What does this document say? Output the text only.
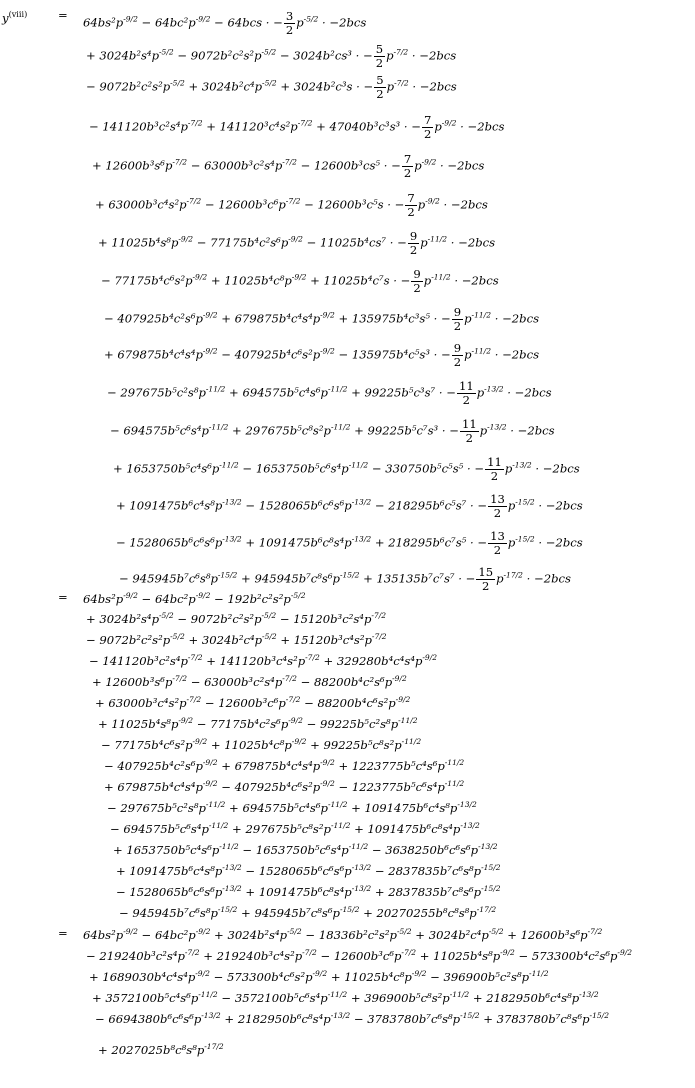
$y^{(viii)}$	=
$64bs^2p^{-9/2} - 64bc^2p^{-9/2} - 64bcs$ · − $\frac{3}{2} p^{-5/2} \cdot -2bcs$
+ $3024b^2s^4p^{-5/2} - 9072b^2c^2s^2p^{-5/2} - 3024b^2cs^3$ · − $\frac{5}{2} p^{-7/2} \cdot -2bcs$
− $9072b^2c^2s^2p^{-5/2} + 3024b^2c^4p^{-5/2} + 3024b^2c^3s$ · − $\frac{5}{2} p^{-7/2} \cdot -2bcs$
− $141120b^3c^2s^4p^{-7/2} + 141120^3c^4s^2p^{-7/2} + 47040b^3c^3s^3$ · − $\frac{7}{2} p^{-9/2} \cdot -2bcs$
+ $12600b^3s^6p^{-7/2} - 63000b^3c^2s^4p^{-7/2} - 12600b^3cs^5$ · − $\frac{7}{2} p^{-9/2} \cdot -2bcs$
+ $63000b^3c^4s^2p^{-7/2} - 12600b^3c^6p^{-7/2} - 12600b^3c^5s$ · − $\frac{7}{2} p^{-9/2} \cdot -2bcs$
+ $11025b^4s^8p^{-9/2} - 77175b^4c^2s^6p^{-9/2} - 11025b^4cs^7$ · − $\frac{9}{2} p^{-11/2} \cdot -2bcs$
− $77175b^4c^6s^2p^{-9/2} + 11025b^4c^8p^{-9/2} + 11025b^4c^7s$ · − $\frac{9}{2} p^{-11/2} \cdot -2bcs$
− $407925b^4c^2s^6p^{-9/2} + 679875b^4c^4s^4p^{-9/2} + 135975b^4c^3s^5$ · − $\frac{9}{2} p^{-11/2} \cdot -2bcs$
+ $679875b^4c^4s^4p^{-9/2} - 407925b^4c^6s^2p^{-9/2} - 135975b^4c^5s^3$ · − $\frac{9}{2} p^{-11/2} \cdot -2bcs$
− $297675b^5c^2s^8p^{-11/2} + 694575b^5c^4s^6p^{-11/2} + 99225b^5c^3s^7$ · − $\frac{11}{2} p^{-13/2} \cdot -2bcs$
− $694575b^5c^6s^4p^{-11/2} + 297675b^5c^8s^2p^{-11/2} + 99225b^5c^7s^3$ · − $\frac{11}{2} p^{-13/2} \cdot -2bcs$
+ $1653750b^5c^4s^6p^{-11/2} - 1653750b^5c^6s^4p^{-11/2} - 330750b^5c^5s^5$ · − $\frac{11}{2} p^{-13/2} \cdot -2bcs$
+ $1091475b^6c^4s^8p^{-13/2} - 1528065b^6c^6s^6p^{-13/2} - 218295b^6c^5s^7$ · − $\frac{13}{2} p^{-15/2} \cdot -2bcs$
− $1528065b^6c^6s^6p^{-13/2} + 1091475b^6c^8s^4p^{-13/2} + 218295b^6c^7s^5$ · − $\frac{13}{2} p^{-15/2} \cdot -2bcs$
− $945945b^7c^6s^8p^{-15/2} + 945945b^7c^8s^6p^{-15/2} + 135135b^7c^7s^7$ · − $\frac{15}{2} p^{-17/2} \cdot -2bcs$
= $64bs^2p^{-9/2} - 64bc^2p^{-9/2} - 192b^2c^2s^2p^{-5/2}$
+ $3024b^2s^4p^{-5/2} - 9072b^2c^2s^2p^{-5/2} - 15120b^3c^2s^4p^{-7/2}$
− $9072b^2c^2s^2p^{-5/2} + 3024b^2c^4p^{-5/2} + 15120b^3c^4s^2p^{-7/2}$
− $141120b^3c^2s^4p^{-7/2} + 141120b^3c^4s^2p^{-7/2} + 329280b^4c^4s^4p^{-9/2}$
+ $12600b^3s^6p^{-7/2} - 63000b^3c^2s^4p^{-7/2} - 88200b^4c^2s^6p^{-9/2}$
+ $63000b^3c^4s^2p^{-7/2} - 12600b^3c^6p^{-7/2} - 88200b^4c^6s^2p^{-9/2}$
+ $11025b^4s^8p^{-9/2} - 77175b^4c^2s^6p^{-9/2} - 99225b^5c^2s^8p^{-11/2}$
− $77175b^4c^6s^2p^{-9/2} + 11025b^4c^8p^{-9/2} + 99225b^5c^8s^2p^{-11/2}$
− $407925b^4c^2s^6p^{-9/2} + 679875b^4c^4s^4p^{-9/2} + 1223775b^5c^4s^6p^{-11/2}$
+ $679875b^4c^4s^4p^{-9/2} - 407925b^4c^6s^2p^{-9/2} - 1223775b^5c^6s^4p^{-11/2}$
− $297675b^5c^2s^8p^{-11/2} + 694575b^5c^4s^6p^{-11/2} + 1091475b^6c^4s^8p^{-13/2}$
− $694575b^5c^6s^4p^{-11/2} + 297675b^5c^8s^2p^{-11/2} + 1091475b^6c^8s^4p^{-13/2}$
+ $1653750b^5c^4s^6p^{-11/2} - 1653750b^5c^6s^4p^{-11/2} - 3638250b^6c^6s^6p^{-13/2}$
+ $1091475b^6c^4s^8p^{-13/2} - 1528065b^6c^6s^6p^{-13/2} - 2837835b^7c^6s^8p^{-15/2}$
− $1528065b^6c^6s^6p^{-13/2} + 1091475b^6c^8s^4p^{-13/2} + 2837835b^7c^8s^6p^{-15/2}$
− $945945b^7c^6s^8p^{-15/2} + 945945b^7c^8s^6p^{-15/2} + 20270255b^8c^8s^8p^{-17/2}$
= $64bs^2p^{-9/2} - 64bc^2p^{-9/2} + 3024b^2s^4p^{-5/2} - 18336b^2c^2s^2p^{-5/2} + 3024b^2c^4p^{-5/2} + 12600b^3s^6p^{-7/2}$
− $219240b^3c^2s^4p^{-7/2} + 219240b^3c^4s^2p^{-7/2} - 12600b^3c^6p^{-7/2} + 11025b^4s^8p^{-9/2} - 573300b^4c^2s^6p^{-9/2}$
+ $1689030b^4c^4s^4p^{-9/2} - 573300b^4c^6s^2p^{-9/2} + 11025b^4c^8p^{-9/2} - 396900b^5c^2s^8p^{-11/2}$
+ $3572100b^5c^4s^6p^{-11/2} - 3572100b^5c^6s^4p^{-11/2} + 396900b^5c^8s^2p^{-11/2} + 2182950b^6c^4s^8p^{-13/2}$
− $6694380b^6c^6s^6p^{-13/2} + 2182950b^6c^8s^4p^{-13/2} - 3783780b^7c^6s^8p^{-15/2} + 3783780b^7c^8s^6p^{-15/2}$
+ $2027025b^8c^8s^8p^{-17/2}$
